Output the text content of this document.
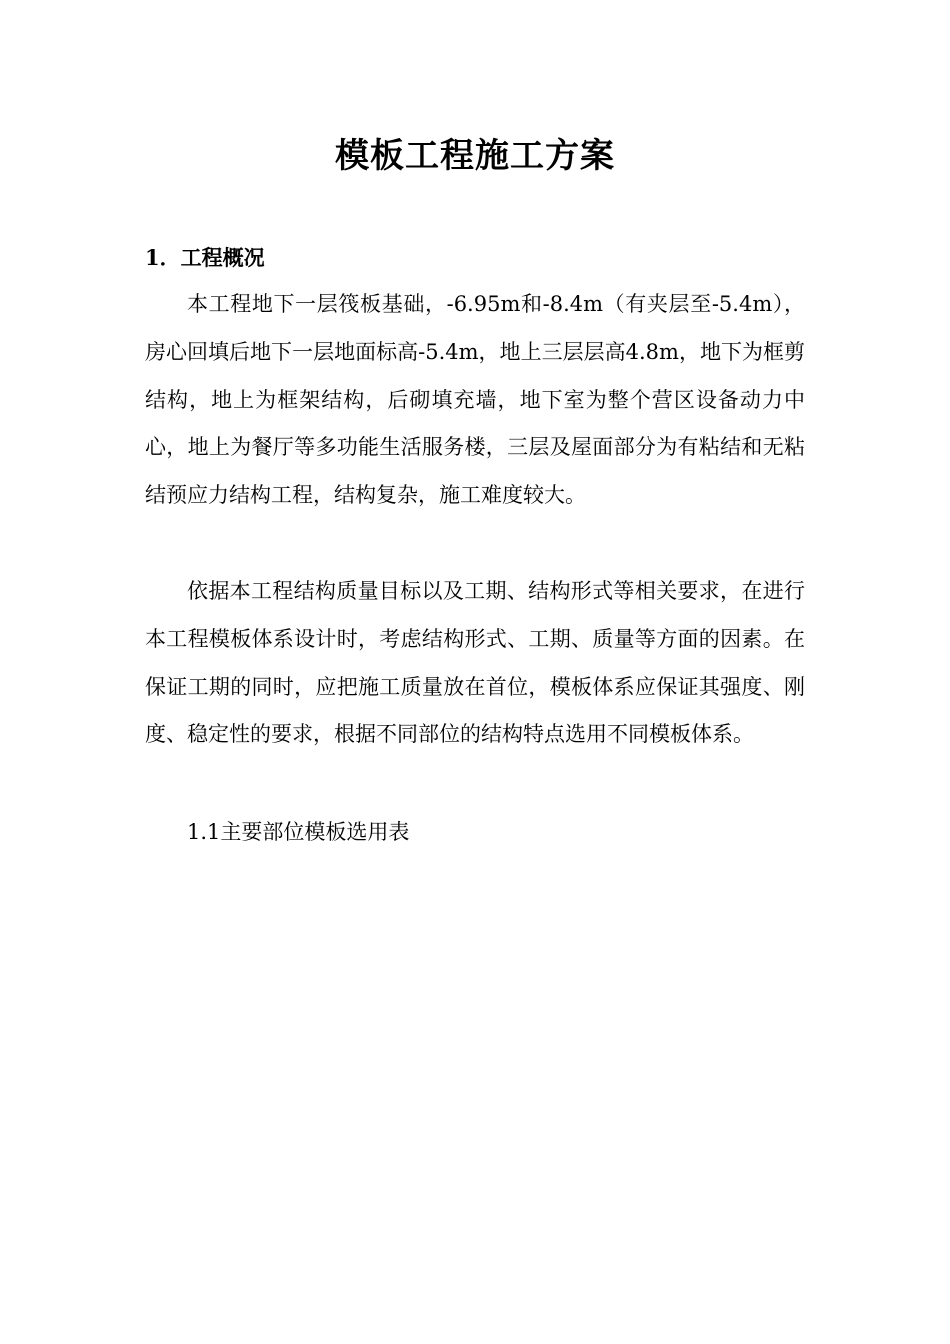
模板工程施工方案
1．工程概况

本工程地下一层筏板基础，-6.95m和-8.4m（有夹层至-5.4m），房心回填后地下一层地面标高-5.4m，地上三层层高4.8m，地下为框剪结构，地上为框架结构，后砌填充墙，地下室为整个营区设备动力中心，地上为餐厅等多功能生活服务楼，三层及屋面部分为有粘结和无粘结预应力结构工程，结构复杂，施工难度较大。

依据本工程结构质量目标以及工期、结构形式等相关要求，在进行本工程模板体系设计时，考虑结构形式、工期、质量等方面的因素。在保证工期的同时，应把施工质量放在首位，模板体系应保证其强度、刚度、稳定性的要求，根据不同部位的结构特点选用不同模板体系。

1.1主要部位模板选用表
